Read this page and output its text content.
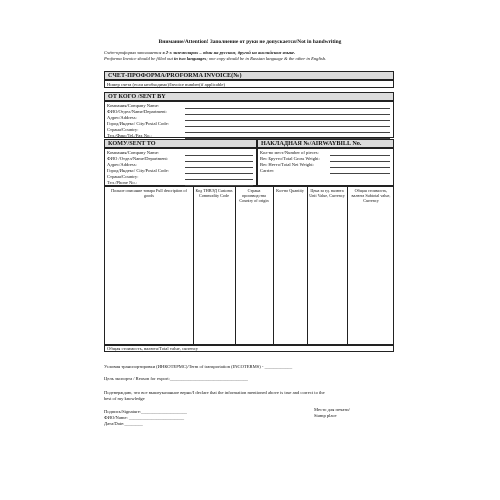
Внимание/Attention! Заполнение от руки не допускается/Not in handwriting
Счёт-проформа заполняется в 2-х экземплярах – один на русском, другой на английском языке.
Proforma Invoice should be filled out in two languages; one copy should be in Russian language & the other in English.
СЧЕТ-ПРОФОРМА/PROFORMA INVOICE(№)
Номер счета (если необходимо)/Invoice number(if applicable)
ОТ КОГО /SENT BY
Компания/Company Name:
ФИО/Отдел/Name/Department:
Адрес/Address:
Город/Индекс/ City/Postal Code:
Страна/Country:
Тел./Факс/Tel./Fax No.:
КОМУ/SENT TO	НАКЛАДНАЯ №/AIRWAYBILL No.
Компания/Company Name:
ФИО /Отдел/Name/Department:
Адрес/Address:
Город/Индекс/ City/Postal Code:
Страна/Country:
Тел./Phone No.:
Кол-во мест/Number of pieces:
Вес Брутто/Total Gross Weight:
Вес Нетто/Total Net Weight:
Carrier:
Полное описание товара Full description of goods
Код ТНВЭД Customs Commodity Code
Страна производства Country of origin
Кол-во Quantity	Цена за ед. валюта Unit Value, Currency
Общая стоимость, валюта Subtotal value, Currency
Общая стоимость, валюта/Total value, currency
Условия транспортировки (ИНКОТЕРМС)/Term of transportation (INCOTERMS) - ____________
Цель экспорта / Reason for export:__________________________________
Подтверждаю, что все вышеуказанное верно/I declare that the information mentioned above is true and correct to the
best of my knowledge
Подпись/Signature:____________________
ФИО/Name: ________________________
Дата/Date:________
Место для печати/
Stamp place
